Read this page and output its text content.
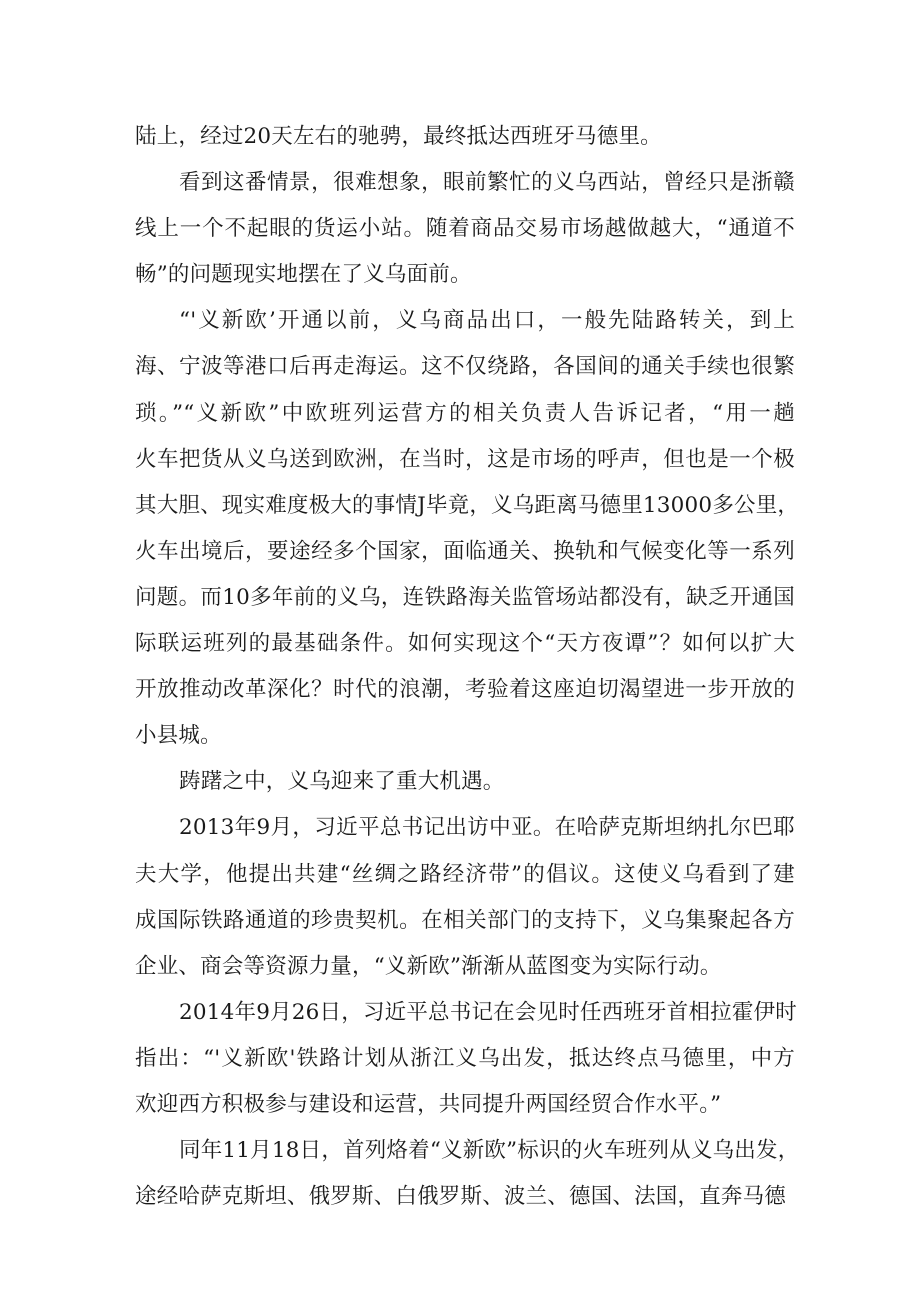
陆上，经过20天左右的驰骋，最终抵达西班牙马德里。
看到这番情景，很难想象，眼前繁忙的义乌西站，曾经只是浙赣
线上一个不起眼的货运小站。随着商品交易市场越做越大，“通道不
畅”的问题现实地摆在了义乌面前。
“'义新欧’开通以前，义乌商品出口，一般先陆路转关，到上
海、宁波等港口后再走海运。这不仅绕路，各国间的通关手续也很繁
琐。”“义新欧”中欧班列运营方的相关负责人告诉记者，“用一趟
火车把货从义乌送到欧洲，在当时，这是市场的呼声，但也是一个极
其大胆、现实难度极大的事情J毕竟，义乌距离马德里13000多公里，
火车出境后，要途经多个国家，面临通关、换轨和气候变化等一系列
问题。而10多年前的义乌，连铁路海关监管场站都没有，缺乏开通国
际联运班列的最基础条件。如何实现这个“天方夜谭”？如何以扩大
开放推动改革深化？时代的浪潮，考验着这座迫切渴望进一步开放的
小县城。
踌躇之中，义乌迎来了重大机遇。
2013年9月，习近平总书记出访中亚。在哈萨克斯坦纳扎尔巴耶
夫大学，他提出共建“丝绸之路经济带”的倡议。这使义乌看到了建
成国际铁路通道的珍贵契机。在相关部门的支持下，义乌集聚起各方
企业、商会等资源力量，“义新欧”渐渐从蓝图变为实际行动。
2014年9月26日，习近平总书记在会见时任西班牙首相拉霍伊时
指出：“'义新欧'铁路计划从浙江义乌出发，抵达终点马德里，中方
欢迎西方积极参与建设和运营，共同提升两国经贸合作水平。”
同年11月18日，首列烙着“义新欧”标识的火车班列从义乌出发，
途经哈萨克斯坦、俄罗斯、白俄罗斯、波兰、德国、法国，直奔马德
